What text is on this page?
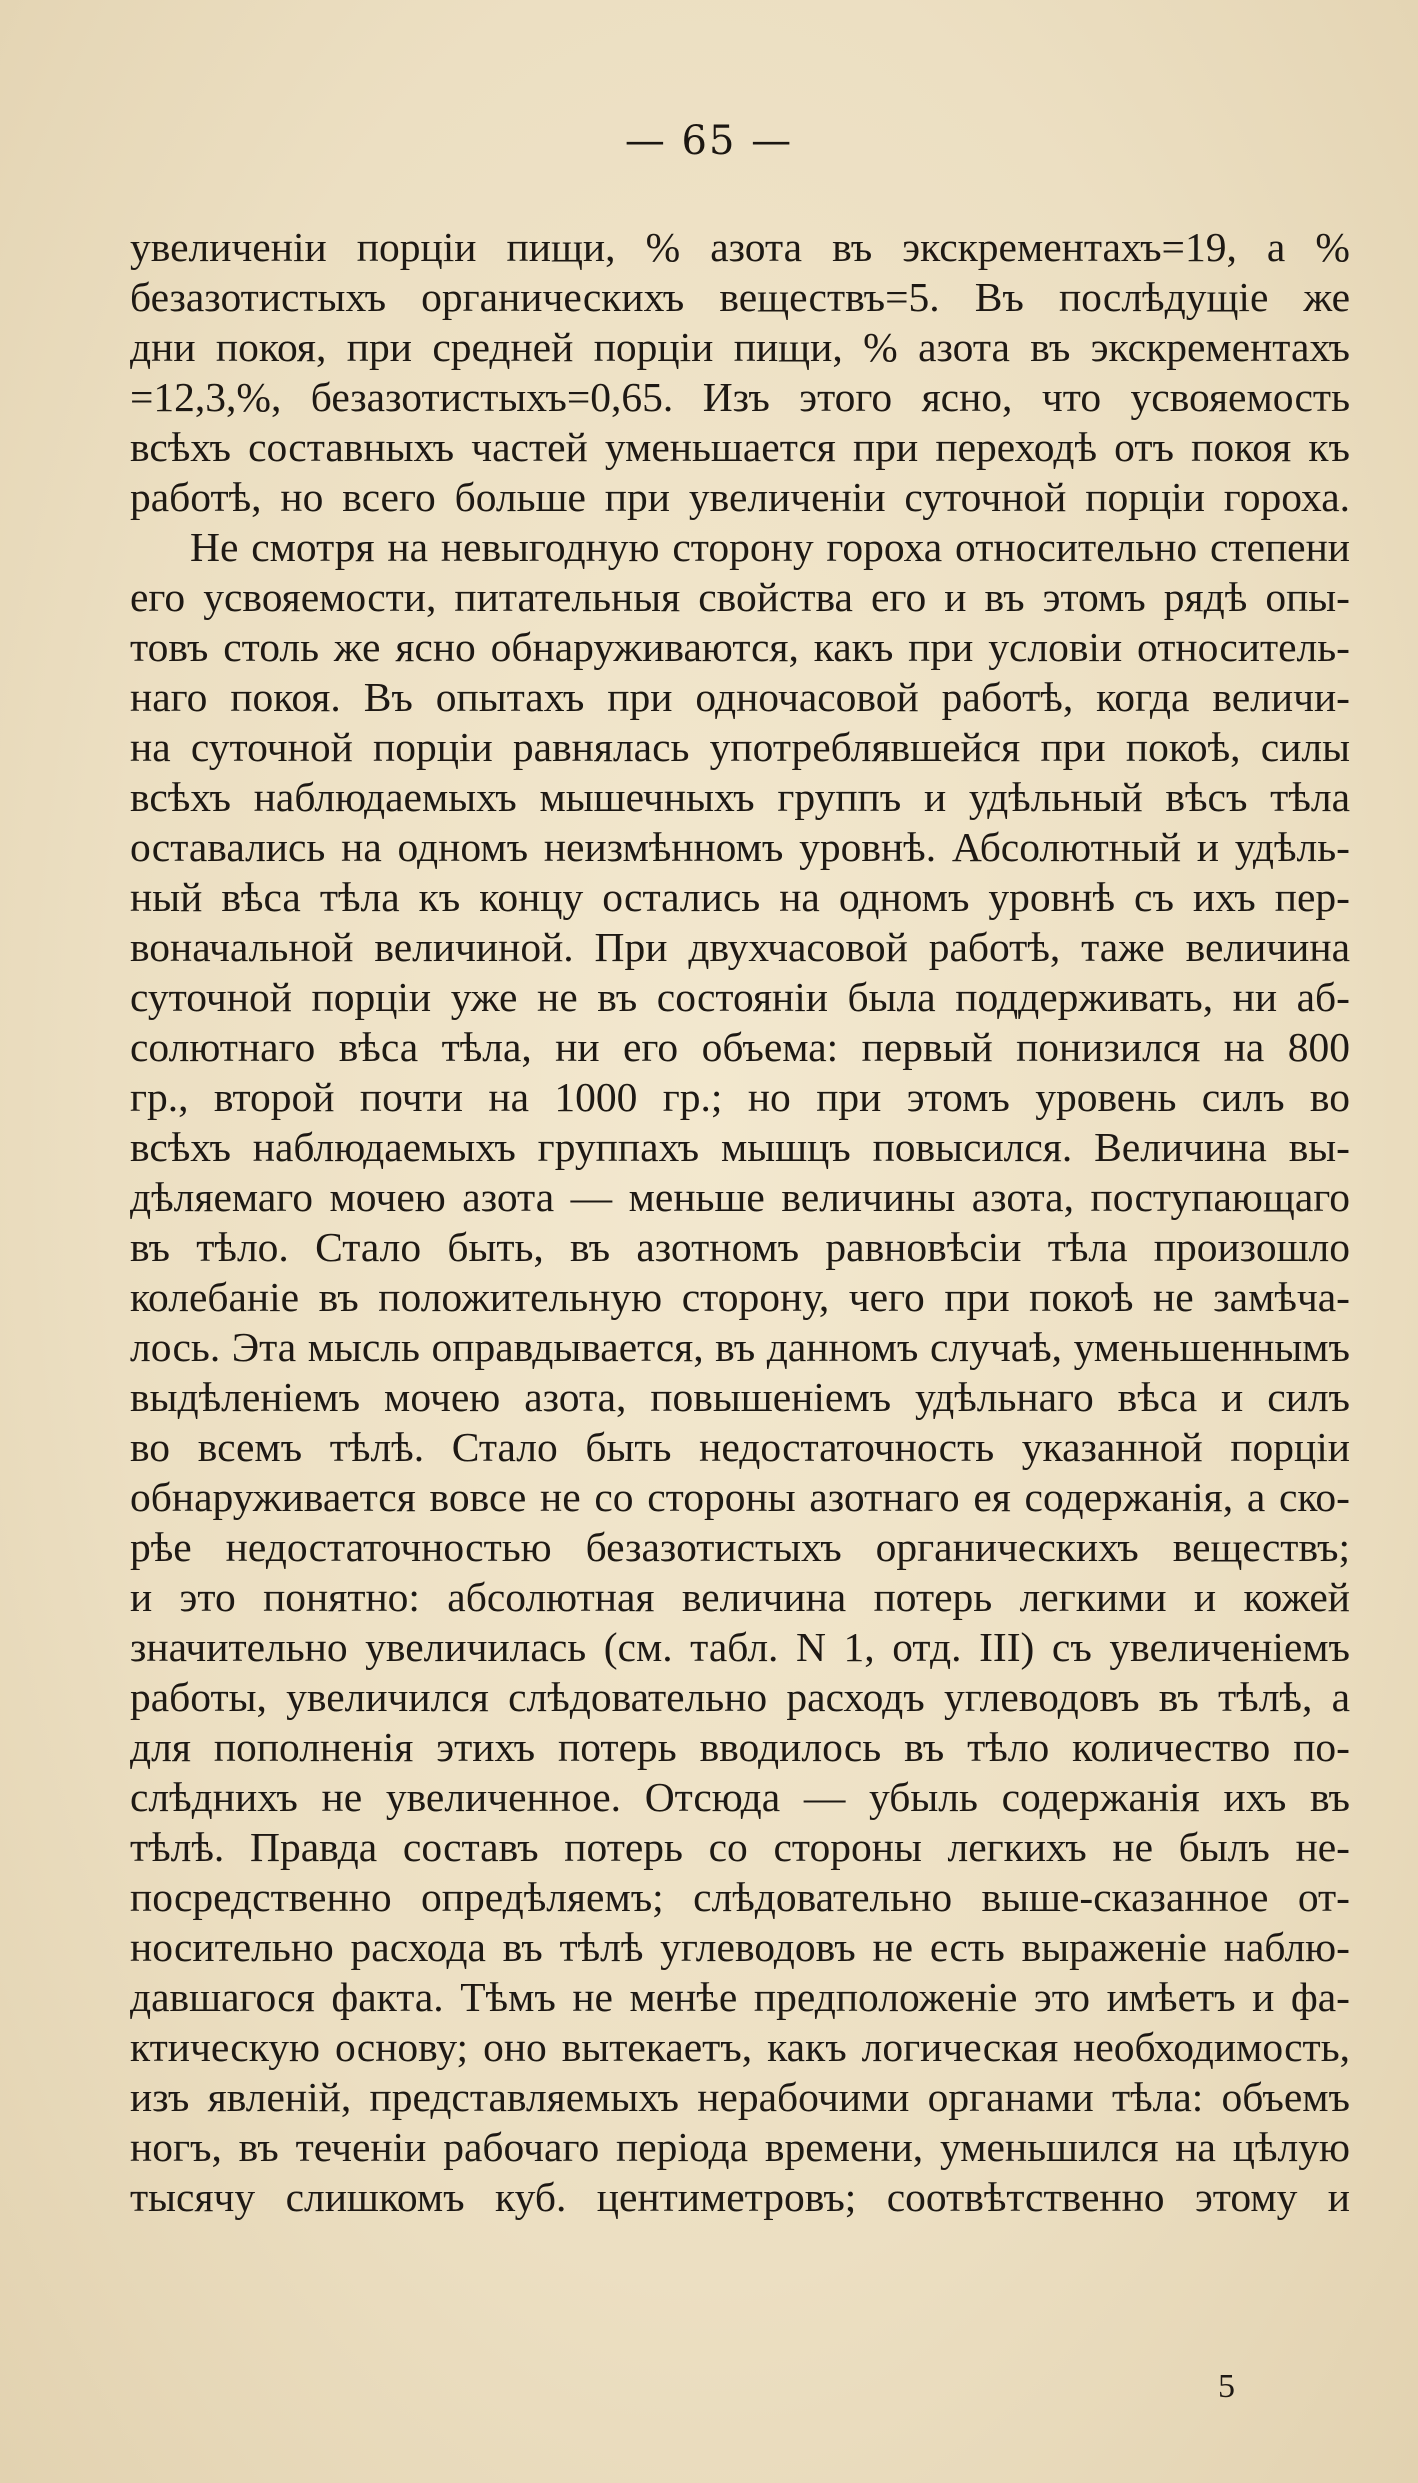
— 65 —
увеличеніи порціи пищи, % азота въ экскрементахъ=19, а %
безазотистыхъ органическихъ веществъ=5. Въ послѣдущіе же
дни покоя, при средней порціи пищи, % азота въ экскрементахъ
=12,3,%, безазотистыхъ=0,65. Изъ этого ясно, что усвояемость
всѣхъ составныхъ частей уменьшается при переходѣ отъ покоя къ
работѣ, но всего больше при увеличеніи суточной порціи гороха.
Не смотря на невыгодную сторону гороха относительно степени
его усвояемости, питательныя свойства его и въ этомъ рядѣ опы-
товъ столь же ясно обнаруживаются, какъ при условіи относитель-
наго покоя. Въ опытахъ при одночасовой работѣ, когда величи-
на суточной порціи равнялась употреблявшейся при покоѣ, силы
всѣхъ наблюдаемыхъ мышечныхъ группъ и удѣльный вѣсъ тѣла
оставались на одномъ неизмѣнномъ уровнѣ. Абсолютный и удѣль-
ный вѣса тѣла къ концу остались на одномъ уровнѣ съ ихъ пер-
воначальной величиной. При двухчасовой работѣ, таже величина
суточной порціи уже не въ состояніи была поддерживать, ни аб-
солютнаго вѣса тѣла, ни его объема: первый понизился на 800
гр., второй почти на 1000 гр.; но при этомъ уровень силъ во
всѣхъ наблюдаемыхъ группахъ мышцъ повысился. Величина вы-
дѣляемаго мочею азота — меньше величины азота, поступающаго
въ тѣло. Стало быть, въ азотномъ равновѣсіи тѣла произошло
колебаніе въ положительную сторону, чего при покоѣ не замѣча-
лось. Эта мысль оправдывается, въ данномъ случаѣ, уменьшеннымъ
выдѣленіемъ мочею азота, повышеніемъ удѣльнаго вѣса и силъ
во всемъ тѣлѣ. Стало быть недостаточность указанной порціи
обнаруживается вовсе не со стороны азотнаго ея содержанія, а ско-
рѣе недостаточностью безазотистыхъ органическихъ веществъ;
и это понятно: абсолютная величина потерь легкими и кожей
значительно увеличилась (см. табл. N 1, отд. III) съ увеличеніемъ
работы, увеличился слѣдовательно расходъ углеводовъ въ тѣлѣ, а
для пополненія этихъ потерь вводилось въ тѣло количество по-
слѣднихъ не увеличенное. Отсюда — убыль содержанія ихъ въ
тѣлѣ. Правда составъ потерь со стороны легкихъ не былъ не-
посредственно опредѣляемъ; слѣдовательно выше-сказанное от-
носительно расхода въ тѣлѣ углеводовъ не есть выраженіе наблю-
давшагося факта. Тѣмъ не менѣе предположеніе это имѣетъ и фа-
ктическую основу; оно вытекаетъ, какъ логическая необходимость,
изъ явленій, представляемыхъ нерабочими органами тѣла: объемъ
ногъ, въ теченіи рабочаго періода времени, уменьшился на цѣлую
тысячу слишкомъ куб. центиметровъ; соотвѣтственно этому и
5
